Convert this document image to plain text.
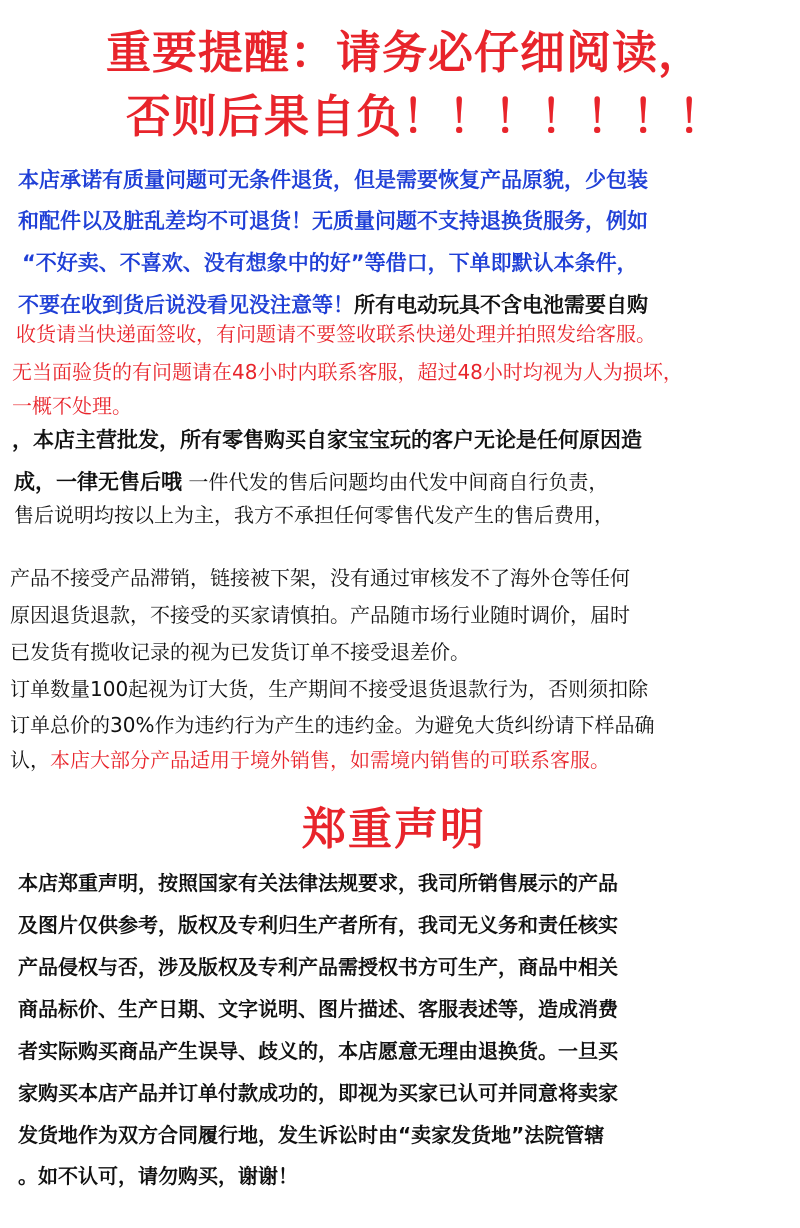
重要提醒：请务必仔细阅读，
否则后果自负！！！！！！！
本店承诺有质量问题可无条件退货，但是需要恢复产品原貌，少包装
和配件以及脏乱差均不可退货！无质量问题不支持退换货服务，例如
“不好卖、不喜欢、没有想象中的好”等借口，下单即默认本条件，
不要在收到货后说没看见没注意等！所有电动玩具不含电池需要自购
收货请当快递面签收，有问题请不要签收联系快递处理并拍照发给客服。
无当面验货的有问题请在48小时内联系客服，超过48小时均视为人为损坏，
一概不处理。
，本店主营批发，所有零售购买自家宝宝玩的客户无论是任何原因造
成，一律无售后哦 一件代发的售后问题均由代发中间商自行负责，
售后说明均按以上为主，我方不承担任何零售代发产生的售后费用，
产品不接受产品滞销，链接被下架，没有通过审核发不了海外仓等任何
原因退货退款，不接受的买家请慎拍。产品随市场行业随时调价，届时
已发货有揽收记录的视为已发货订单不接受退差价。
订单数量100起视为订大货，生产期间不接受退货退款行为，否则须扣除
订单总价的30%作为违约行为产生的违约金。为避免大货纠纷请下样品确
认，本店大部分产品适用于境外销售，如需境内销售的可联系客服。
郑重声明
本店郑重声明，按照国家有关法律法规要求，我司所销售展示的产品
及图片仅供参考，版权及专利归生产者所有，我司无义务和责任核实
产品侵权与否，涉及版权及专利产品需授权书方可生产，商品中相关
商品标价、生产日期、文字说明、图片描述、客服表述等，造成消费
者实际购买商品产生误导、歧义的，本店愿意无理由退换货。一旦买
家购买本店产品并订单付款成功的，即视为买家已认可并同意将卖家
发货地作为双方合同履行地，发生诉讼时由“卖家发货地”法院管辖
。如不认可，请勿购买，谢谢！
